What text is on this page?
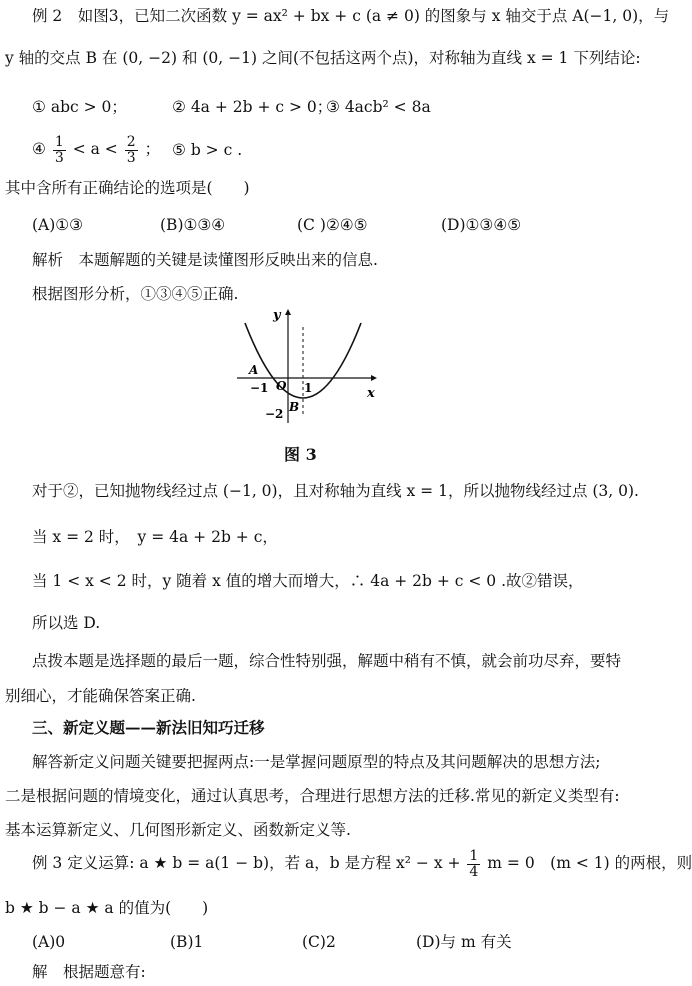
例 2　如图3，已知二次函数 y = ax² + bx + c (a ≠ 0) 的图象与 x 轴交于点 A(−1, 0)，与
y 轴的交点 B 在 (0, −2) 和 (0, −1) 之间(不包括这两个点)，对称轴为直线 x = 1 下列结论:
① abc > 0；	② 4a + 2b + c > 0；
③ 4acb² < 8a
④ $\frac{1}{3} < a < \frac{2}{3}$ ； ⑤ b > c .
其中含所有正确结论的选项是(　　)
(A)①③	(B)①③④	(C )②④⑤	(D)①③④⑤
解析　本题解题的关键是读懂图形反映出来的信息.
根据图形分析，①③④⑤正确.
y
x
O
A
−1	1
B
−2
图 3
对于②，已知抛物线经过点 (−1, 0)，且对称轴为直线 x = 1，所以抛物线经过点 (3, 0).
当 x = 2 时，　y = 4a + 2b + c，
当 1 < x < 2 时，y 随着 x 值的增大而增大，∴ 4a + 2b + c < 0 .故②错误，
所以选 D.
点拨本题是选择题的最后一题，综合性特别强，解题中稍有不慎，就会前功尽弃，要特
别细心，才能确保答案正确.
三、新定义题——新法旧知巧迁移
解答新定义问题关键要把握两点:一是掌握问题原型的特点及其问题解决的思想方法;
二是根据问题的情境变化，通过认真思考，合理进行思想方法的迁移.常见的新定义类型有:
基本运算新定义、几何图形新定义、函数新定义等.
例 3 定义运算: a ★ b = a(1 − b)，若 a，b 是方程 $x^2 - x + \frac{1}{4}$ m = 0　(m < 1) 的两根，则
b ★ b − a ★ a 的值为(　　)
(A)0	(B)1	(C)2	(D)与 m 有关
解　根据题意有:
